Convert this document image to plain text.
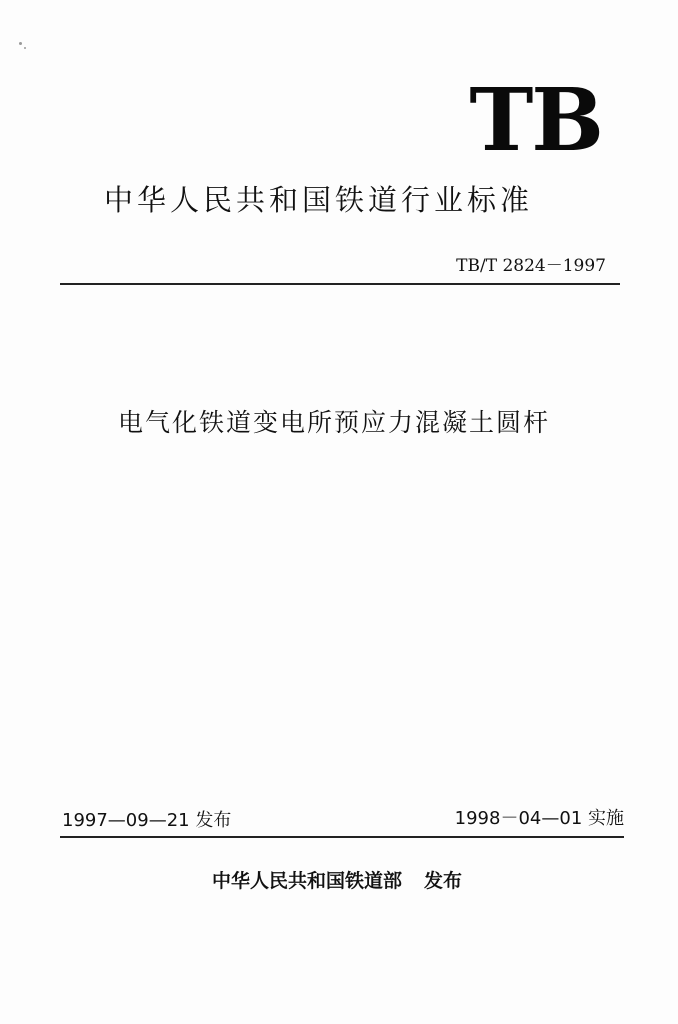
TB
中华人民共和国铁道行业标准
TB/T 2824－1997
电气化铁道变电所预应力混凝土圆杆
1997—09—21 发布	1998－04—01 实施
中华人民共和国铁道部 发布
